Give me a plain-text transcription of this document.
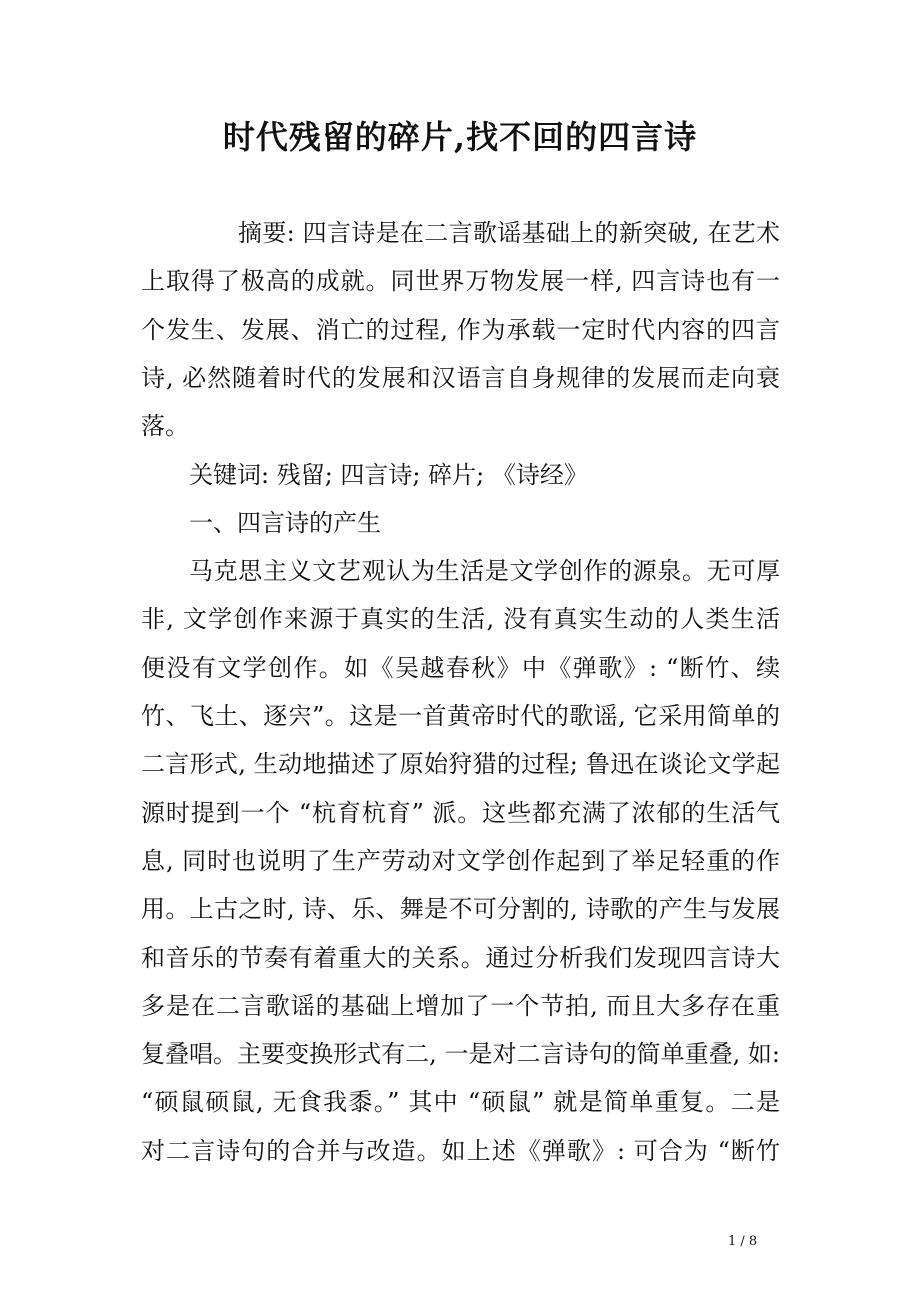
时代残留的碎片,找不回的四言诗
摘要: 四言诗是在二言歌谣基础上的新突破, 在艺术
上取得了极高的成就。同世界万物发展一样, 四言诗也有一
个发生、发展、消亡的过程, 作为承载一定时代内容的四言
诗, 必然随着时代的发展和汉语言自身规律的发展而走向衰
落。
关键词: 残留; 四言诗; 碎片; 《诗经》
一、四言诗的产生
马克思主义文艺观认为生活是文学创作的源泉。无可厚
非, 文学创作来源于真实的生活, 没有真实生动的人类生活
便没有文学创作。如《吴越春秋》中《弹歌》: “断竹、续
竹、飞土、逐宍”。这是一首黄帝时代的歌谣, 它采用简单的
二言形式, 生动地描述了原始狩猎的过程; 鲁迅在谈论文学起
源时提到一个 “杭育杭育” 派。这些都充满了浓郁的生活气
息, 同时也说明了生产劳动对文学创作起到了举足轻重的作
用。上古之时, 诗、乐、舞是不可分割的, 诗歌的产生与发展
和音乐的节奏有着重大的关系。通过分析我们发现四言诗大
多是在二言歌谣的基础上增加了一个节拍, 而且大多存在重
复叠唱。主要变换形式有二, 一是对二言诗句的简单重叠, 如:
“硕鼠硕鼠, 无食我黍。” 其中 “硕鼠” 就是简单重复。二是
对二言诗句的合并与改造。如上述《弹歌》: 可合为 “断竹
1 / 8
